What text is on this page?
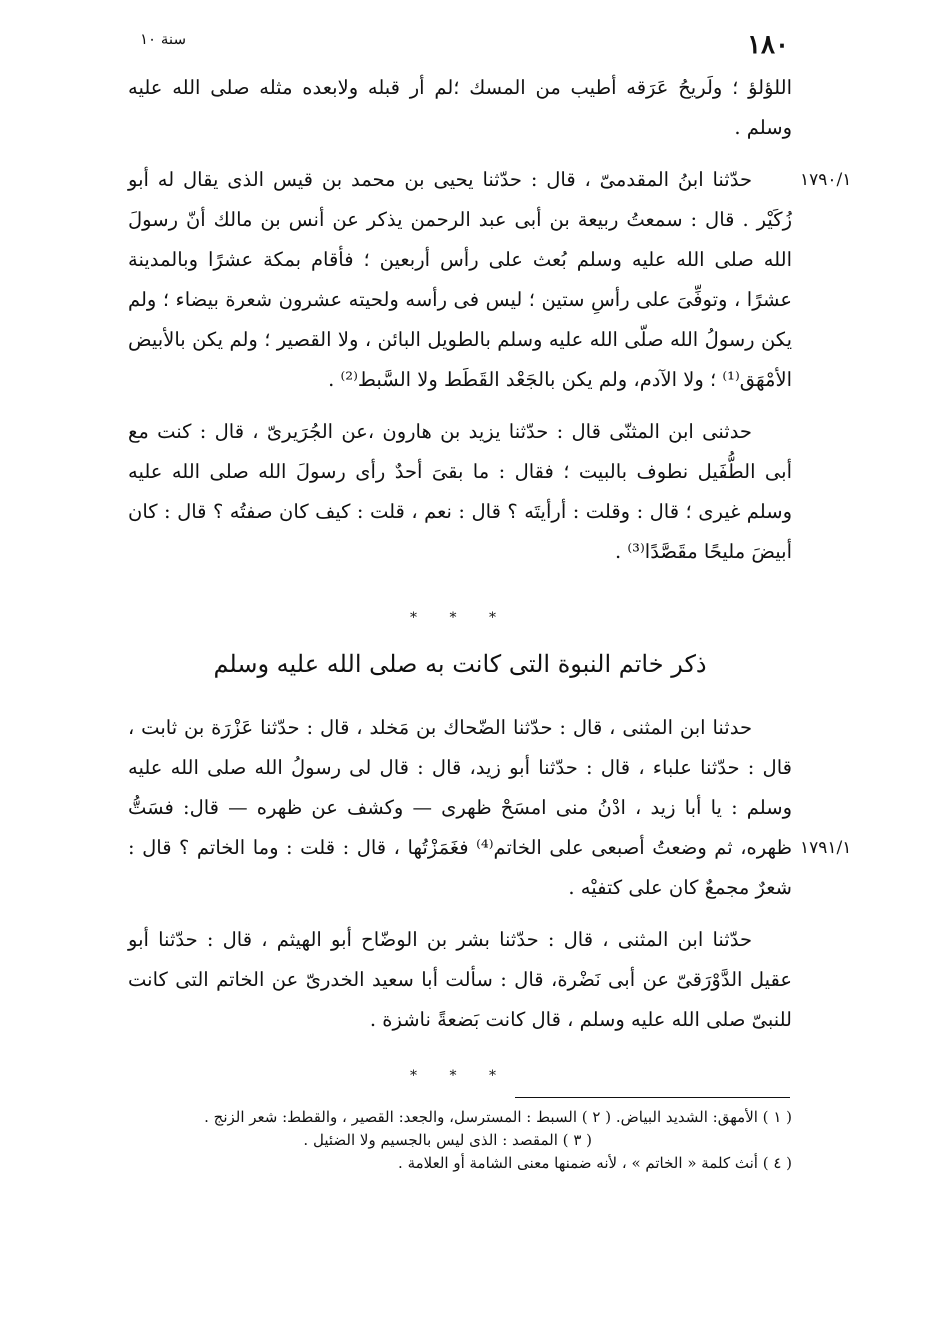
١٨٠
سنة ١٠

اللؤلؤ ؛ ولَريحُ عَرَقه أطيب من المسك ؛لم أر قبله ولابعده مثله صلى الله عليه وسلم .

حدّثنا ابنُ المقدمىّ ، قال : حدّثنا يحيى بن محمد بن قيس الذى يقال له أبو زُكَيْر . قال : سمعتُ ربيعة بن أبى عبد الرحمن يذكر عن أنس بن مالك أنّ رسولَ الله صلى الله عليه وسلم بُعث على رأس أربعين ؛ فأقام بمكة عشرًا وبالمدينة عشرًا ، وتوفِّىَ على رأسِ ستين ؛ ليس فى رأسه ولحيته عشرون شعرة بيضاء ؛ ولم يكن رسولُ الله صلّى الله عليه وسلم بالطويل البائن ، ولا القصير ؛ ولم يكن بالأبيض الأمْهَق⁽¹⁾ ؛ ولا الآدم، ولم يكن بالجَعْد القَطَط ولا السَّبط⁽²⁾ .

حدثنى ابن المثنّى قال : حدّثنا يزيد بن هارون ،عن الجُرَيرىّ ، قال : كنت مع أبى الطُّفَيل نطوف بالبيت ؛ فقال : ما بقىَ أحدٌ رأى رسولَ الله صلى الله عليه وسلم غيرى ؛ قال : وقلت : أرأيتَه ؟ قال : نعم ، قلت : كيف كان صفتُه ؟ قال : كان أبيضَ مليحًا مقَصَّدًا⁽³⁾ .

١٧٩٠/١
* * *
ذكر خاتم النبوة التى كانت به صلى الله عليه وسلم

حدثنا ابن المثنى ، قال : حدّثنا الضّحاك بن مَخلد ، قال : حدّثنا عَزْرَة بن ثابت ، قال : حدّثنا علباء ، قال : حدّثنا أبو زيد، قال : قال لى رسولُ الله صلى الله عليه وسلم : يا أبا زيد ، ادْنُ منى امسَحْ ظهرى — وكشف عن ظهره — قال: فسَتُّ ظهره، ثم وضعتُ أصبعى على الخاتم⁽⁴⁾ فغَمَزْتُها ، قال : قلت : وما الخاتم ؟ قال : شعرٌ مجمعٌ كان على كتفيْه .

حدّثنا ابن المثنى ، قال : حدّثنا بشر بن الوضّاح أبو الهيثم ، قال : حدّثنا أبو عقيل الدَّوْرَقىّ عن أبى نَضْرة، قال : سألت أبا سعيد الخدرىّ عن الخاتم التى كانت للنبىّ صلى الله عليه وسلم ، قال كانت بَضعةً ناشزة .

١٧٩١/١
* * *

( ١ ) الأمهق: الشديد البياض. ( ٢ ) السبط : المسترسل، والجعد: القصير ، والقطط: شعر الزنج .

( ٣ ) المقصد : الذى ليس بالجسيم ولا الضئيل .

( ٤ ) أنث كلمة « الخاتم » ، لأنه ضمنها معنى الشامة أو العلامة .
